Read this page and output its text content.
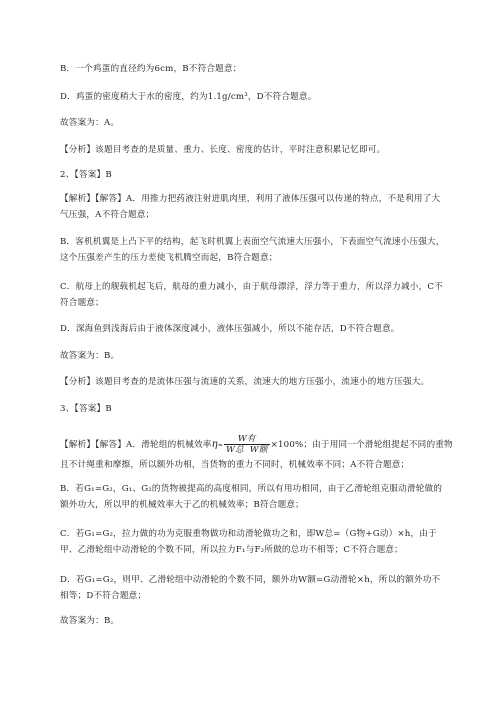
B．一个鸡蛋的直径约为6cm，B不符合题意；
D．鸡蛋的密度稍大于水的密度，约为1.1g/cm³，D不符合题意。
故答案为：A。
【分析】该题目考查的是质量、重力、长度、密度的估计，平时注意积累记忆即可。
2、【答案】B
【解析】【解答】A．用推力把药液注射进肌肉里，利用了液体压强可以传递的特点，不是利用了大气压强，A不符合题意；
B．客机机翼是上凸下平的结构，起飞时机翼上表面空气流速大压强小，下表面空气流速小压强大，这个压强差产生的压力差使飞机腾空而起，B符合题意；
C．航母上的舰载机起飞后，航母的重力减小，由于航母漂浮，浮力等于重力，所以浮力减小，C不符合题意；
D．深海鱼到浅海后由于液体深度减小，液体压强减小，所以不能存活，D不符合题意。
故答案为：B。
【分析】该题目考查的是流体压强与流速的关系，流速大的地方压强小，流速小的地方压强大。
3、【答案】B
【解析】【解答】A．滑轮组的机械效率$\eta= \frac{\text{W有}}{\text{W总 W额}} \times 100\%$；由于用同一个滑轮组提起不同的重物
且不计绳重和摩擦，所以额外功相，当货物的重力不同时，机械效率不同；A不符合题意；
B．若G₁=G₂，G₁、G₂的货物被提高的高度相同，所以有用功相同，由于乙滑轮组克服动滑轮做的额外功大，所以甲的机械效率大于乙的机械效率；B符合题意；
C．若G₁=G₂，拉力做的功为克服重物做功和动滑轮做功之和，即W总=（G物+G动）×h，由于甲、乙滑轮组中动滑轮的个数不同，所以拉力F₁与F₂所做的总功不相等；C不符合题意；
D．若G₁=G₂，则甲、乙滑轮组中动滑轮的个数不同，额外功W额=G动滑轮×h，所以的额外功不相等；D不符合题意；
故答案为：B。
